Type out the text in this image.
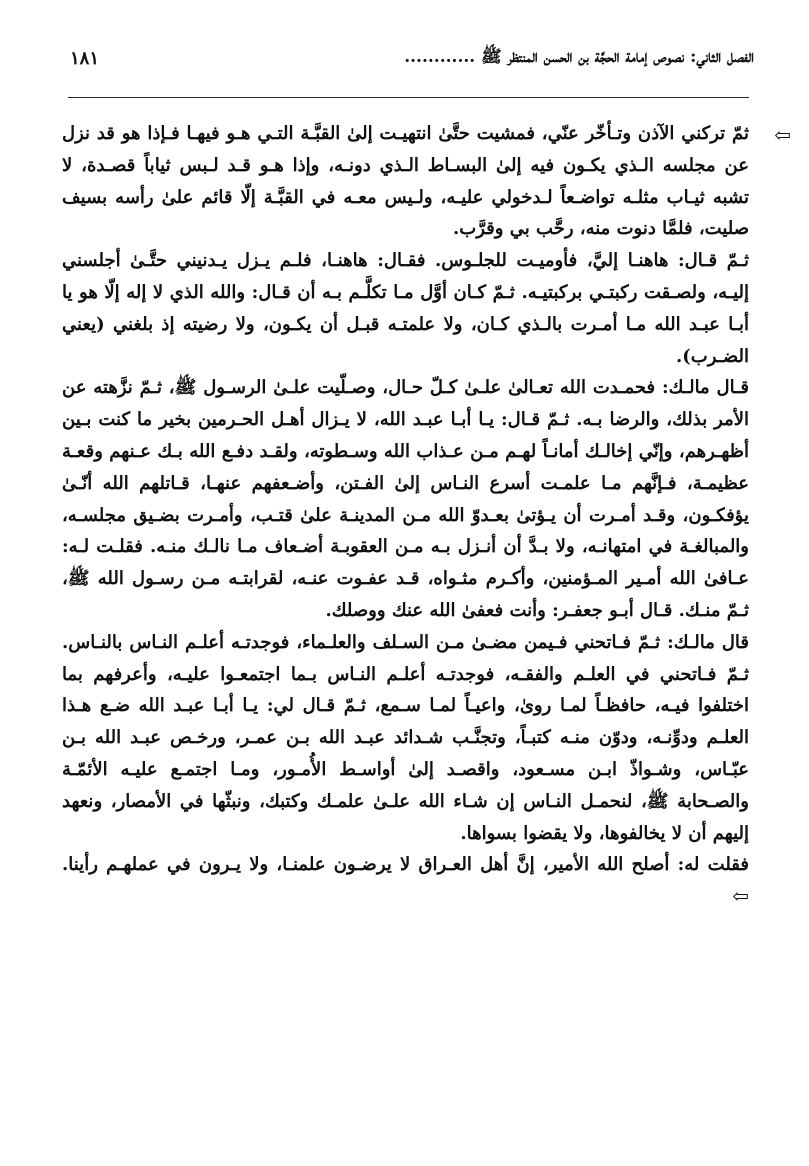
١٨١	الفصل الثاني: نصوص إمامة الحجَّة بن الحسن المنتظر ﷺ ............
⇦

ثمّ تركني الآذن وتـأخّر عنّي، فمشيت حتَّىٰ انتهيـت إلىٰ القبَّـة التـي هـو فيهـا فـإذا هو قد نزل عن مجلسه الـذي يكـون فيه إلىٰ البسـاط الـذي دونـه، وإذا هـو قـد لـبس ثياباً قصـدة، لا تشبه ثيـاب مثلـه تواضـعاً لـدخولي عليـه، ولـيس معـه في القبَّـة إلّا قائم علىٰ رأسه بسيف صليت، فلمَّا دنوت منه، رحَّب بي وقرَّب.

ثـمّ قـال: هاهنـا إليَّ، فأوميـت للجلـوس. فقـال: هاهنـا، فلـم يـزل يـدنيني حتَّـىٰ أجلسني إليـه، ولصـقت ركبتـي بركبتيـه. ثـمّ كـان أوَّل مـا تكلَّـم بـه أن قـال: والله الذي لا إله إلّا هو يا أبـا عبـد الله مـا أمـرت بالـذي كـان، ولا علمتـه قبـل أن يكـون، ولا رضيته إذ بلغني (يعني الضـرب).

قـال مالـك: فحمـدت الله تعـالىٰ علـىٰ كـلّ حـال، وصـلّيت علـىٰ الرسـول ﷺ، ثـمّ نزَّهته عن الأمر بذلك، والرضا بـه. ثـمّ قـال: يـا أبـا عبـد الله، لا يـزال أهـل الحـرمين بخير ما كنت بـين أظهـرهم، وإنّي إخالـك أمانـاً لهـم مـن عـذاب الله وسـطوته، ولقـد دفـع الله بـك عـنهم وقعـة عظيمـة، فـإنَّهم مـا علمـت أسرع النـاس إلىٰ الفـتن، وأضـعفهم عنهـا، قـاتلهم الله أنّـىٰ يؤفكـون، وقـد أمـرت أن يـؤتىٰ بعـدوّ الله مـن المدينـة علىٰ قتـب، وأمـرت بضـيق مجلسـه، والمبالغـة في امتهانـه، ولا بـدَّ أن أنـزل بـه مـن العقوبـة أضـعاف مـا نالـك منـه. فقلـت لـه: عـافىٰ الله أمـير المـؤمنين، وأكـرم مثـواه، قـد عفـوت عنـه، لقرابتـه مـن رسـول الله ﷺ، ثـمّ منـك. قـال أبـو جعفـر: وأنت فعفىٰ الله عنك ووصلك.

قال مالـك: ثـمّ فـاتحني فـيمن مضـىٰ مـن السـلف والعلـماء، فوجدتـه أعلـم النـاس بالنـاس. ثـمّ فـاتحني في العلـم والفقـه، فوجدتـه أعلـم النـاس بـما اجتمعـوا عليـه، وأعرفهم بما اختلفوا فيـه، حافظـاً لمـا روىٰ، واعيـاً لمـا سـمع، ثـمّ قـال لي: يـا أبـا عبـد الله ضـع هـذا العلـم ودوِّنـه، ودوّن منـه كتبـاً، وتجنَّـب شـدائد عبـد الله بـن عمـر، ورخـص عبـد الله بـن عبّـاس، وشـواذّ ابـن مسـعود، واقصـد إلىٰ أواسـط الأُمـور، ومـا اجتمـع عليـه الأئمّـة والصـحابة ﷺ، لنحمـل النـاس إن شـاء الله علـىٰ علمـك وكتبك، ونبثّها في الأمصار، ونعهد إليهم أن لا يخالفوها، ولا يقضوا بسواها.

فقلت له: أصلح الله الأمير، إنَّ أهل العـراق لا يرضـون علمنـا، ولا يـرون في عملهـم رأينا.⇦
